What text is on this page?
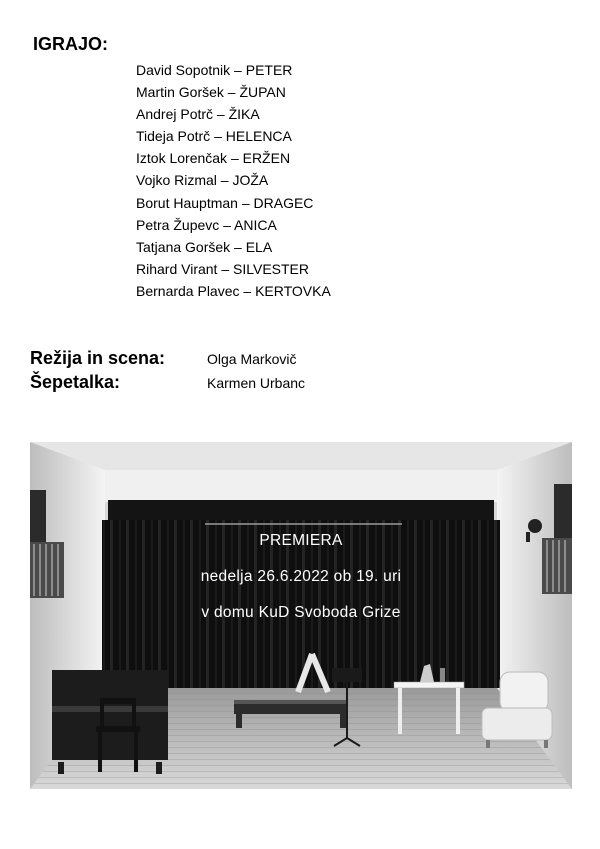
IGRAJO:
David Sopotnik – PETER
Martin Goršek – ŽUPAN
Andrej Potrč – ŽIKA
Tideja Potrč – HELENCA
Iztok Lorenčak – ERŽEN
Vojko Rizmal – JOŽA
Borut Hauptman – DRAGEC
Petra Župevc – ANICA
Tatjana Goršek – ELA
Rihard Virant – SILVESTER
Bernarda Plavec – KERTOVKA
Režija in scena:	Olga Markovič
Šepetalka:	Karmen Urbanc
PREMIERA
nedelja 26.6.2022 ob 19. uri
v domu KuD Svoboda Grize
